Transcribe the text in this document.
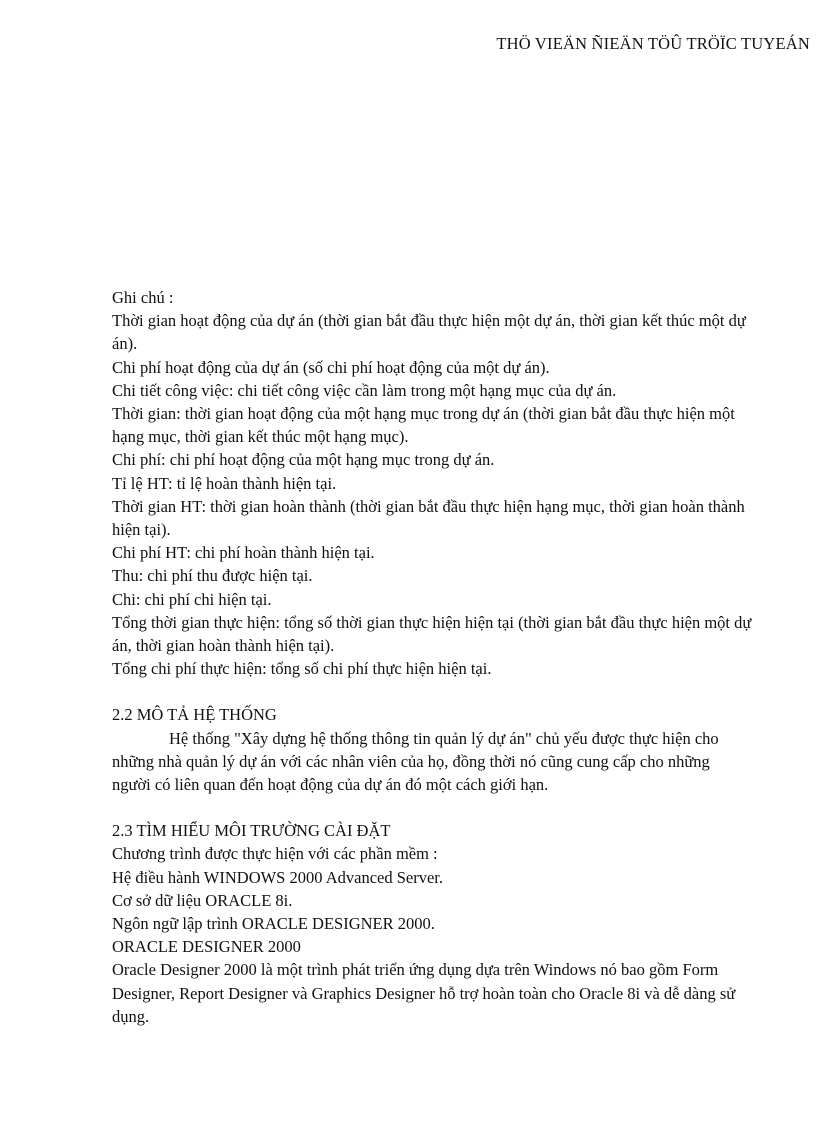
THÖ VIEÄN ÑIEÄN TÖÛ TRÖÏC TUYEÁN

Ghi chú :

Thời gian hoạt động của dự án (thời gian bắt đầu thực hiện một dự án, thời gian kết thúc một dự án).

Chi phí hoạt động của dự án (số chi phí hoạt động của một dự án).

Chi tiết công việc: chi tiết công việc cần làm trong một hạng mục của dự án.

Thời gian: thời gian hoạt động của một hạng mục trong dự án (thời gian bắt đầu thực hiện một hạng mục, thời gian kết thúc một hạng mục).

Chi phí: chi phí hoạt động của một hạng mục trong dự án.

Tỉ lệ HT: tỉ lệ hoàn thành hiện tại.

Thời gian HT: thời gian hoàn thành (thời gian bắt đầu thực hiện hạng mục, thời gian hoàn thành hiện tại).

Chi phí HT: chi phí hoàn thành hiện tại.

Thu: chi phí thu được hiện tại.

Chi: chi phí chi hiện tại.

Tổng thời gian thực hiện: tổng số thời gian thực hiện hiện tại (thời gian bắt đầu thực hiện một dự án, thời gian hoàn thành hiện tại).

Tổng chi phí thực hiện: tổng số chi phí thực hiện hiện tại.

2.2 MÔ TẢ HỆ THỐNG

Hệ thống "Xây dựng hệ thống thông tin quản lý dự án" chủ yếu được thực hiện cho những nhà quản lý dự án với các nhân viên của họ, đồng thời nó cũng cung cấp cho những người có liên quan đến hoạt động của dự án đó một cách giới hạn.

2.3 TÌM HIỂU MÔI TRƯỜNG CÀI ĐẶT

Chương trình được thực hiện với các phần mềm :

Hệ điều hành WINDOWS 2000 Advanced Server.

Cơ sở dữ liệu ORACLE 8i.

Ngôn ngữ lập trình ORACLE DESIGNER 2000.

ORACLE DESIGNER 2000

Oracle Designer 2000 là một trình phát triển ứng dụng dựa trên Windows nó bao gồm Form Designer, Report Designer và Graphics Designer hỗ trợ hoàn toàn cho Oracle 8i và dễ dàng sử dụng.
